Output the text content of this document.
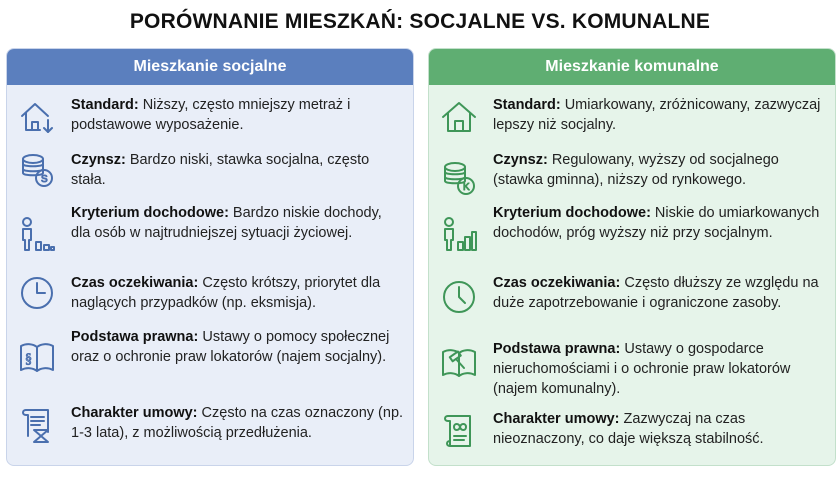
PORÓWNANIE MIESZKAŃ: SOCJALNE VS. KOMUNALNE
Mieszkanie socjalne
Standard: Niższy, często mniejszy metraż i podstawowe wyposażenie.
S
Czynsz: Bardzo niski, stawka socjalna, często stała.
Kryterium dochodowe: Bardzo niskie dochody, dla osób w najtrudniejszej sytuacji życiowej.
Czas oczekiwania: Często krótszy, priorytet dla naglących przypadków (np. eksmisja).
§
Podstawa prawna: Ustawy o pomocy społecznej oraz o ochronie praw lokatorów (najem socjalny).
Charakter umowy: Często na czas oznaczony (np. 1-3 lata), z możliwością przedłużenia.
Mieszkanie komunalne
Standard: Umiarkowany, zróżnicowany, zazwyczaj lepszy niż socjalny.
K
Czynsz: Regulowany, wyższy od socjalnego (stawka gminna), niższy od rynkowego.
Kryterium dochodowe: Niskie do umiarkowanych dochodów, próg wyższy niż przy socjalnym.
Czas oczekiwania: Często dłuższy ze względu na duże zapotrzebowanie i ograniczone zasoby.
Podstawa prawna: Ustawy o gospodarce nieruchomościami i o ochronie praw lokatorów (najem komunalny).
Charakter umowy: Zazwyczaj na czas nieoznaczony, co daje większą stabilność.
